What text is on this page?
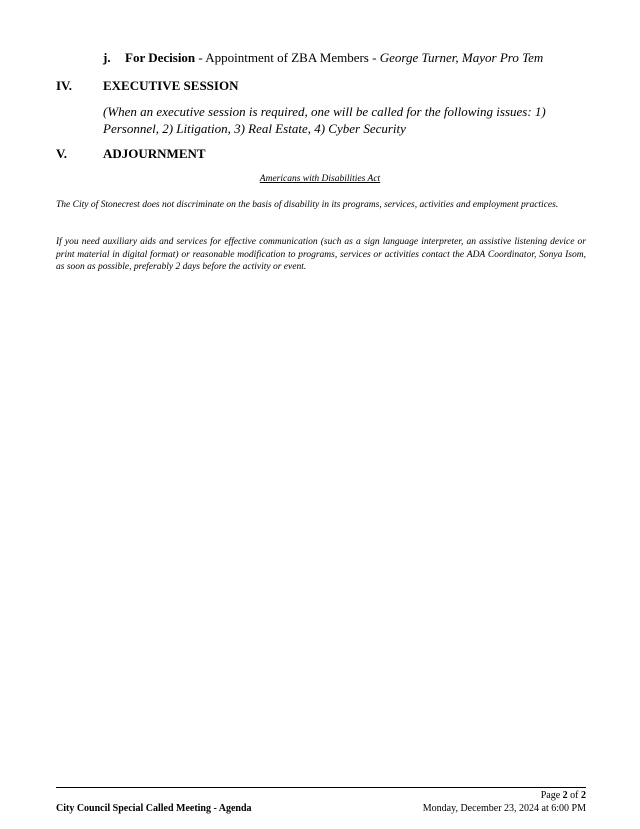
j. For Decision - Appointment of ZBA Members - George Turner, Mayor Pro Tem
IV. EXECUTIVE SESSION
(When an executive session is required, one will be called for the following issues: 1) Personnel, 2) Litigation, 3) Real Estate, 4) Cyber Security
V.	ADJOURNMENT
Americans with Disabilities Act
The City of Stonecrest does not discriminate on the basis of disability in its programs, services, activities and employment practices.
If you need auxiliary aids and services for effective communication (such as a sign language interpreter, an assistive listening device or print material in digital format) or reasonable modification to programs, services or activities contact the ADA Coordinator, Sonya Isom, as soon as possible, preferably 2 days before the activity or event.
Page 2 of 2
City Council Special Called Meeting - Agenda	Monday, December 23, 2024 at 6:00 PM
